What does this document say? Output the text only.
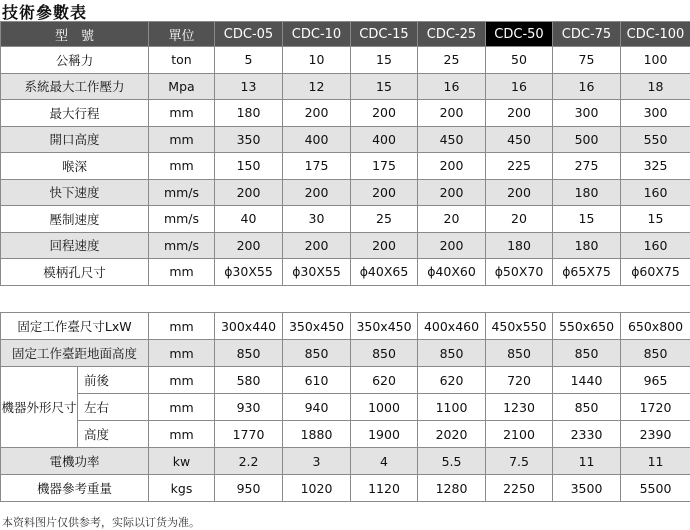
技術參數表
型　號	單位	CDC-05	CDC-10	CDC-15	CDC-25	CDC-50	CDC-75	CDC-100
公稱力	ton	5	10	15	25	50	75	100
系統最大工作壓力	Mpa	13	12	15	16	16	16	18
最大行程	mm	180	200	200	200	200	300	300
開口高度	mm	350	400	400	450	450	500	550
喉深	mm	150	175	175	200	225	275	325
快下速度	mm/s	200	200	200	200	200	180	160
壓制速度	mm/s	40	30	25	20	20	15	15
回程速度	mm/s	200	200	200	200	180	180	160
模柄孔尺寸	mm	ϕ30X55	ϕ30X55	ϕ40X65	ϕ40X60	ϕ50X70	ϕ65X75	ϕ60X75
固定工作臺尺寸LxW		mm	300x440	350x450	350x450	400x460	450x550	550x650	650x800
固定工作臺距地面高度		mm	850	850	850	850	850	850	850
機器外形尺寸	前後	mm	580	610	620	620	720	1440	965
	左右	mm	930	940	1000	1100	1230	850	1720
	高度	mm	1770	1880	1900	2020	2100	2330	2390
電機功率		kw	2.2	3	4	5.5	7.5	11	11
機器參考重量		kgs	950	1020	1120	1280	2250	3500	5500
本资料图片仅供参考，实际以订货为准。
